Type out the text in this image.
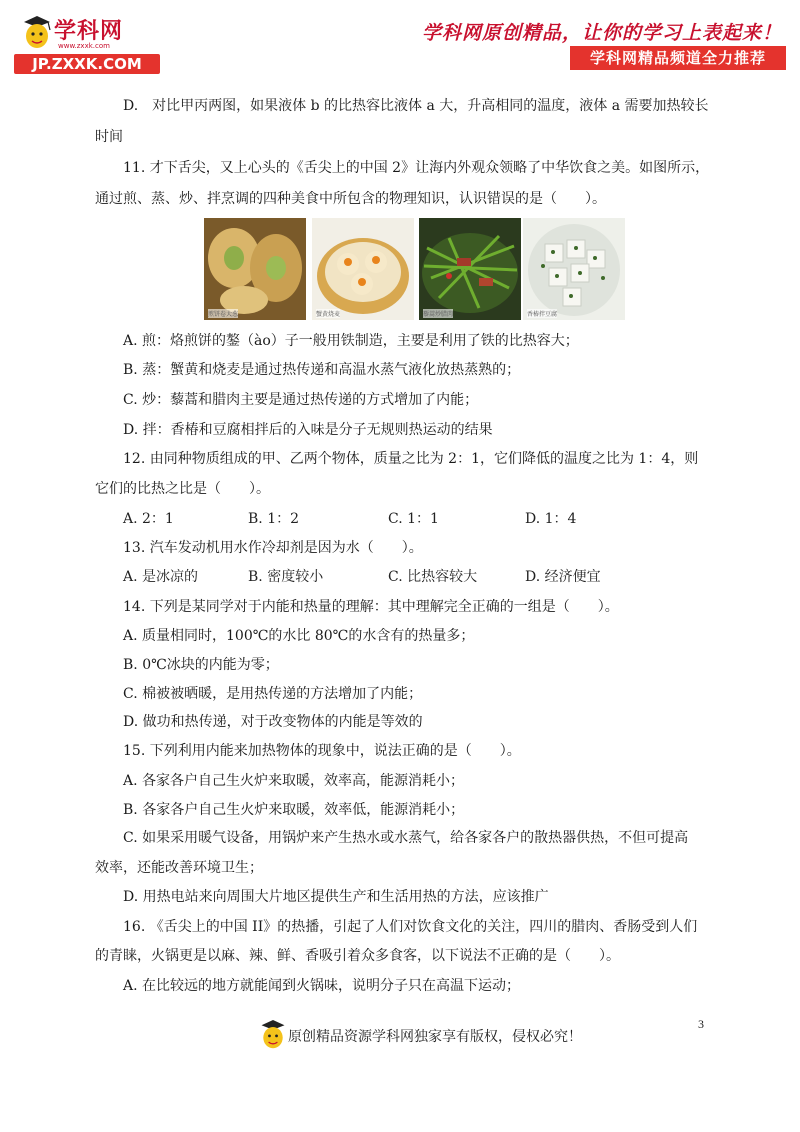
学科网
www.zxxk.com
JP.ZXXK.COM
学科网原创精品，让你的学习上表起来！
学科网精品频道全力推荐
D.　对比甲丙两图，如果液体 b 的比热容比液体 a 大，升高相同的温度，液体 a 需要加热较长
时间
11. 才下舌尖，又上心头的《舌尖上的中国 2》让海内外观众领略了中华饮食之美。如图所示，
通过煎、蒸、炒、拌烹调的四种美食中所包含的物理知识，认识错误的是（　　）。
煎饼卷大葱	蟹黄烧麦	藜蒿炒腊肉	香椿拌豆腐
A. 煎：烙煎饼的鏊（ào）子一般用铁制造，主要是利用了铁的比热容大；
B. 蒸：蟹黄和烧麦是通过热传递和高温水蒸气液化放热蒸熟的；
C. 炒：藜蒿和腊肉主要是通过热传递的方式增加了内能；
D. 拌：香椿和豆腐相拌后的入味是分子无规则热运动的结果
12. 由同种物质组成的甲、乙两个物体，质量之比为 2：1，它们降低的温度之比为 1：4，则
它们的比热之比是（　　）。
A. 2：1	B. 1：2	C. 1：1	D. 1：4
13. 汽车发动机用水作冷却剂是因为水（　　）。
A. 是冰凉的	B. 密度较小	C. 比热容较大	D. 经济便宜
14. 下列是某同学对于内能和热量的理解：其中理解完全正确的一组是（　　）。
A. 质量相同时，100℃的水比 80℃的水含有的热量多；
B. 0℃冰块的内能为零；
C. 棉被被晒暖，是用热传递的方法增加了内能；
D. 做功和热传递，对于改变物体的内能是等效的
15. 下列利用内能来加热物体的现象中，说法正确的是（　　）。
A. 各家各户自己生火炉来取暖，效率高，能源消耗小；
B. 各家各户自己生火炉来取暖，效率低，能源消耗小；
C. 如果采用暖气设备，用锅炉来产生热水或水蒸气，给各家各户的散热器供热，不但可提高
效率，还能改善环境卫生；
D. 用热电站来向周围大片地区提供生产和生活用热的方法，应该推广
16. 《舌尖上的中国 II》的热播，引起了人们对饮食文化的关注，四川的腊肉、香肠受到人们
的青睐，火锅更是以麻、辣、鲜、香吸引着众多食客，以下说法不正确的是（　　）。
A. 在比较远的地方就能闻到火锅味，说明分子只在高温下运动；
3
原创精品资源学科网独家享有版权，侵权必究！
